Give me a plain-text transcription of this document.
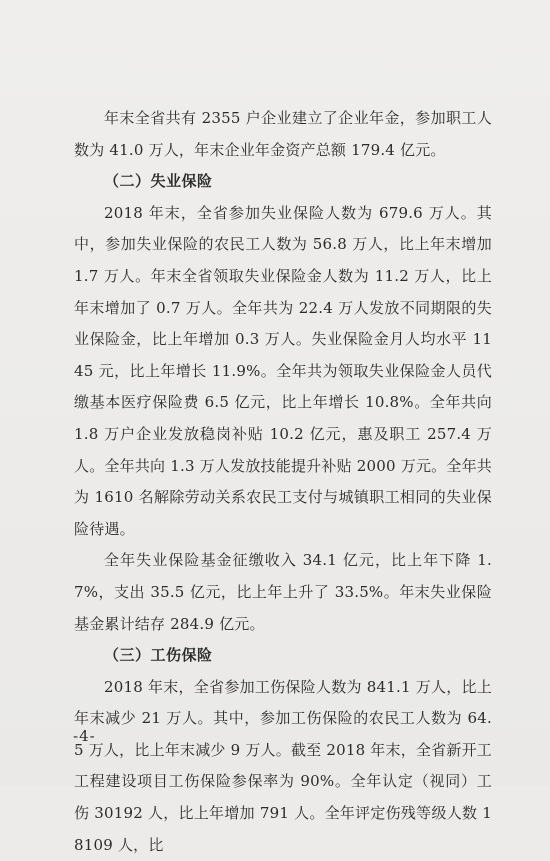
年末全省共有 2355 户企业建立了企业年金，参加职工人数为 41.0 万人，年末企业年金资产总额 179.4 亿元。

（二）失业保险

2018 年末，全省参加失业保险人数为 679.6 万人。其中，参加失业保险的农民工人数为 56.8 万人，比上年末增加 1.7 万人。年末全省领取失业保险金人数为 11.2 万人，比上年末增加了 0.7 万人。全年共为 22.4 万人发放不同期限的失业保险金，比上年增加 0.3 万人。失业保险金月人均水平 1145 元，比上年增长 11.9%。全年共为领取失业保险金人员代缴基本医疗保险费 6.5 亿元，比上年增长 10.8%。全年共向 1.8 万户企业发放稳岗补贴 10.2 亿元，惠及职工 257.4 万人。全年共向 1.3 万人发放技能提升补贴 2000 万元。全年共为 1610 名解除劳动关系农民工支付与城镇职工相同的失业保险待遇。

全年失业保险基金征缴收入 34.1 亿元，比上年下降 1.7%，支出 35.5 亿元，比上年上升了 33.5%。年末失业保险基金累计结存 284.9 亿元。

（三）工伤保险

2018 年末，全省参加工伤保险人数为 841.1 万人，比上年末减少 21 万人。其中，参加工伤保险的农民工人数为 64.5 万人，比上年末减少 9 万人。截至 2018 年末，全省新开工工程建设项目工伤保险参保率为 90%。全年认定（视同）工伤 30192 人，比上年增加 791 人。全年评定伤残等级人数 18109 人，比

-4-
